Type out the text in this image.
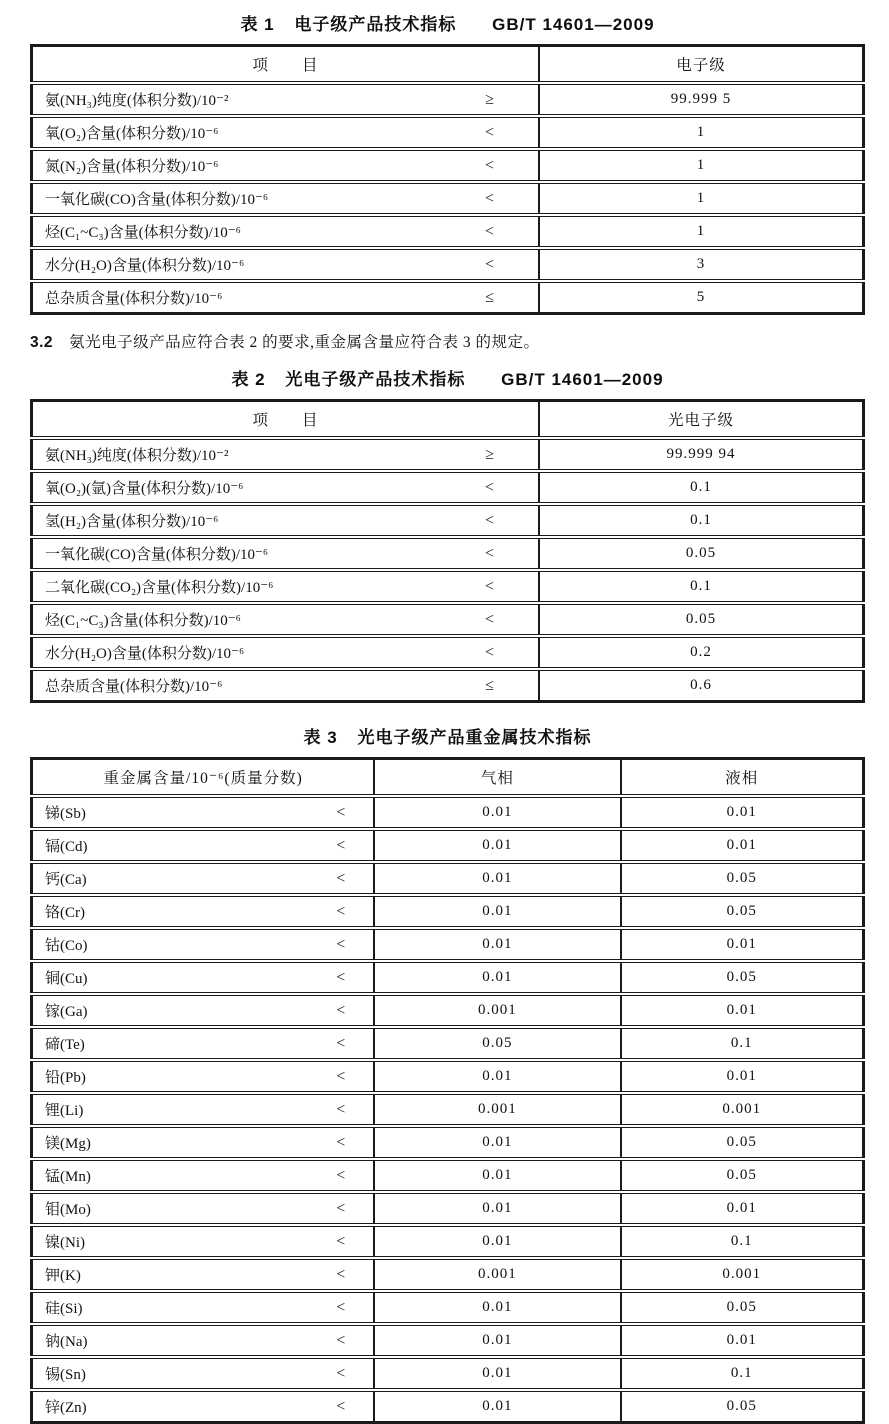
表 1 电子级产品技术指标 GB/T 14601—2009
项　　目	电子级

氨(NH₃)纯度(体积分数)/10⁻² ≥	99.999 5

氧(O₂)含量(体积分数)/10⁻⁶ <	1

氮(N₂)含量(体积分数)/10⁻⁶ <	1

一氧化碳(CO)含量(体积分数)/10⁻⁶ <	1

烃(C₁~C₃)含量(体积分数)/10⁻⁶ <	1

水分(H₂O)含量(体积分数)/10⁻⁶ <	3

总杂质含量(体积分数)/10⁻⁶ ≤	5
3.2 氨光电子级产品应符合表 2 的要求,重金属含量应符合表 3 的规定。
表 2 光电子级产品技术指标 GB/T 14601—2009
项　　目	光电子级

氨(NH₃)纯度(体积分数)/10⁻² ≥	99.999 94

氧(O₂)(氩)含量(体积分数)/10⁻⁶ <	0.1

氢(H₂)含量(体积分数)/10⁻⁶ <	0.1

一氧化碳(CO)含量(体积分数)/10⁻⁶ <	0.05

二氧化碳(CO₂)含量(体积分数)/10⁻⁶ <	0.1

烃(C₁~C₃)含量(体积分数)/10⁻⁶ <	0.05

水分(H₂O)含量(体积分数)/10⁻⁶ <	0.2

总杂质含量(体积分数)/10⁻⁶ ≤	0.6
表 3 光电子级产品重金属技术指标
重金属含量/10⁻⁶(质量分数)	气相	液相

锑(Sb) <	0.01	0.01

镉(Cd) <	0.01	0.01

钙(Ca) <	0.01	0.05

铬(Cr) <	0.01	0.05

钴(Co) <	0.01	0.01

铜(Cu) <	0.01	0.05

镓(Ga) <	0.001	0.01

碲(Te) <	0.05	0.1

铅(Pb) <	0.01	0.01

锂(Li) <	0.001	0.001

镁(Mg) <	0.01	0.05

锰(Mn) <	0.01	0.05

钼(Mo) <	0.01	0.01

镍(Ni) <	0.01	0.1

钾(K) <	0.001	0.001

硅(Si) <	0.01	0.05

钠(Na) <	0.01	0.01

锡(Sn) <	0.01	0.1

锌(Zn) <	0.01	0.05
